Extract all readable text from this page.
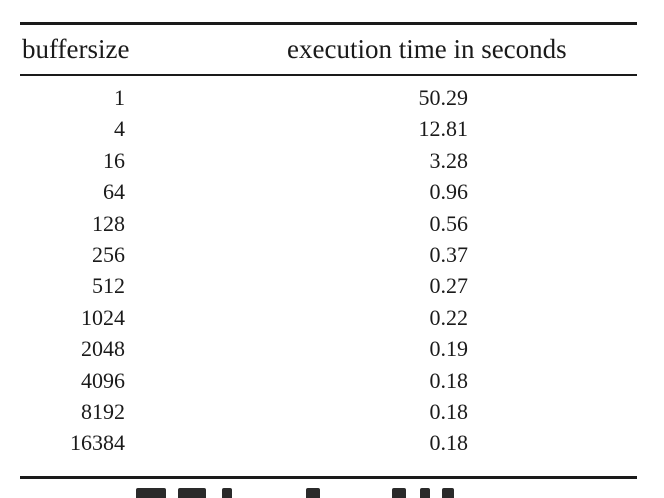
buffersize	execution time in seconds
1	50.29
4	12.81
16	3.28
64	0.96
128	0.56
256	0.37
512	0.27
1024	0.22
2048	0.19
4096	0.18
8192	0.18
16384	0.18
